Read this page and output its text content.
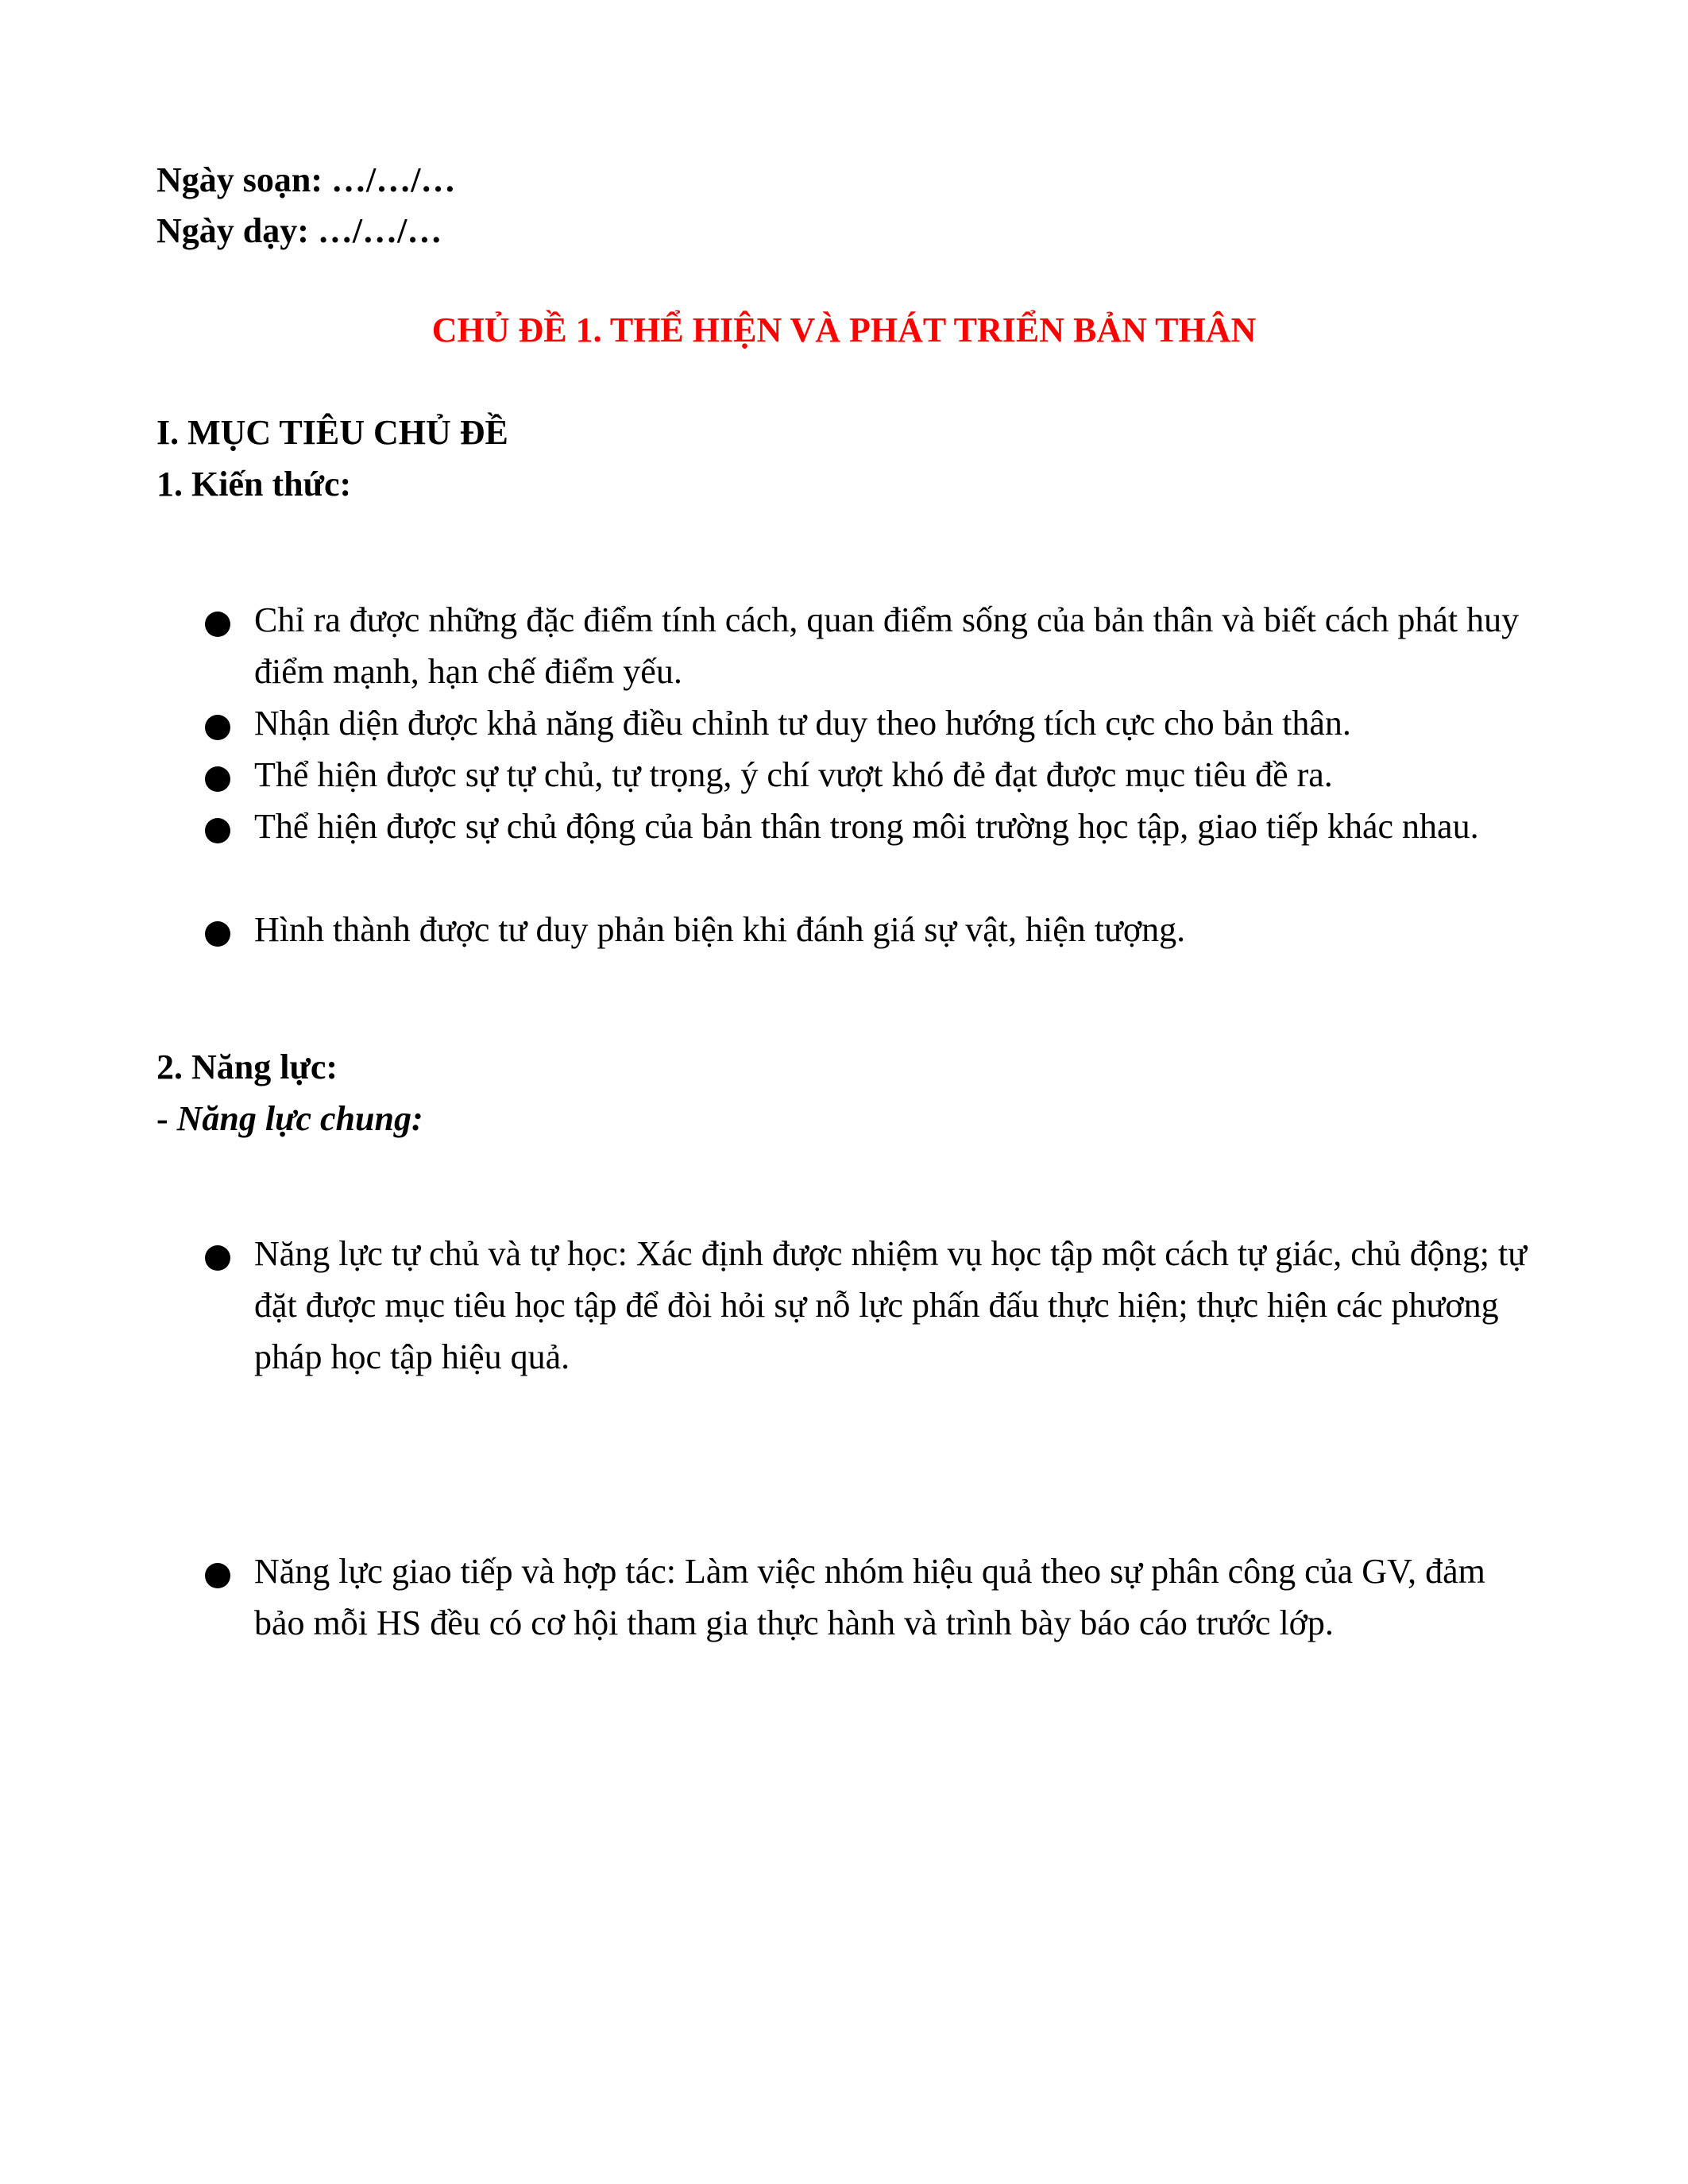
Ngày soạn: …/…/…
Ngày dạy: …/…/…
CHỦ ĐỀ 1. THỂ HIỆN VÀ PHÁT TRIỂN BẢN THÂN
I. MỤC TIÊU CHỦ ĐỀ
1. Kiến thức:
Chỉ ra được những đặc điểm tính cách, quan điểm sống của bản thân và biết cách phát huy điểm mạnh, hạn chế điểm yếu.
Nhận diện được khả năng điều chỉnh tư duy theo hướng tích cực cho bản thân.
Thể hiện được sự tự chủ, tự trọng, ý chí vượt khó đẻ đạt được mục tiêu đề ra.
Thể hiện được sự chủ động của bản thân trong môi trường học tập, giao tiếp khác nhau.
Hình thành được tư duy phản biện khi đánh giá sự vật, hiện tượng.
2. Năng lực:
- Năng lực chung:
Năng lực tự chủ và tự học: Xác định được nhiệm vụ học tập một cách tự giác, chủ động; tự đặt được mục tiêu học tập để đòi hỏi sự nỗ lực phấn đấu thực hiện; thực hiện các phương pháp học tập hiệu quả.
Năng lực giao tiếp và hợp tác: Làm việc nhóm hiệu quả theo sự phân công của GV, đảm bảo mỗi HS đều có cơ hội tham gia thực hành và trình bày báo cáo trước lớp.
